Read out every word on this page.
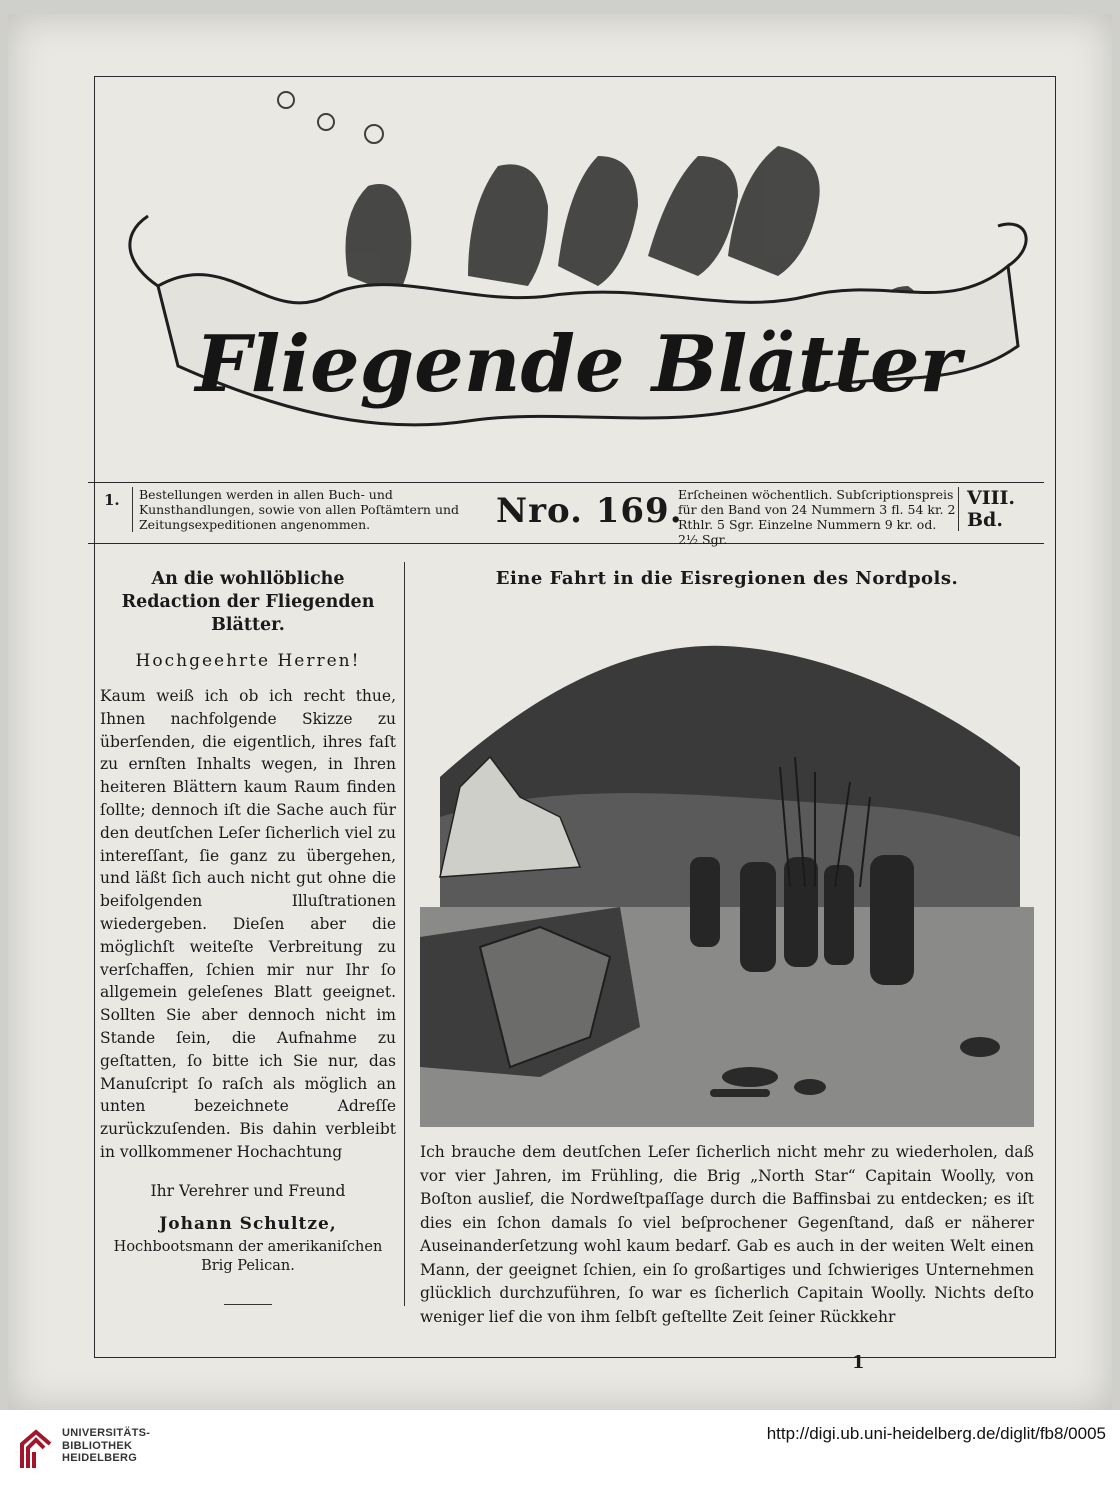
Fliegende Blätter
1.	Bestellungen werden in allen Buch- und Kunsthandlungen, sowie von allen Poſtämtern und Zeitungsexpeditionen angenommen.	Nro. 169.
Erſcheinen wöchentlich. Subſcriptionspreis für den Band von 24 Nummern 3 fl. 54 kr. 2 Rthlr. 5 Sgr. Einzelne Nummern 9 kr. od. 2½ Sgr.
VIII. Bd.
An die wohllöbliche Redaction der Fliegenden Blätter.
Hochgeehrte Herren!

Kaum weiß ich ob ich recht thue, Ihnen nachfolgende Skizze zu überſenden, die eigentlich, ihres faſt zu ernſten Inhalts wegen, in Ihren heiteren Blättern kaum Raum finden ſollte; dennoch iſt die Sache auch für den deutſchen Leſer ſicherlich viel zu intereſſant, ſie ganz zu übergehen, und läßt ſich auch nicht gut ohne die beifolgenden Illuſtrationen wiedergeben. Dieſen aber die möglichſt weiteſte Verbreitung zu verſchaffen, ſchien mir nur Ihr ſo allgemein geleſenes Blatt geeignet. Sollten Sie aber dennoch nicht im Stande ſein, die Aufnahme zu geſtatten, ſo bitte ich Sie nur, das Manuſcript ſo raſch als möglich an unten bezeichnete Adreſſe zurückzuſenden. Bis dahin verbleibt in vollkommener Hochachtung

Ihr Verehrer und Freund
Johann Schultze,

Hochbootsmann der amerikaniſchen Brig Pelican.

Eine Fahrt in die Eisregionen des Nordpols.

Ich brauche dem deutſchen Leſer ſicherlich nicht mehr zu wiederholen, daß vor vier Jahren, im Frühling, die Brig „North Star“ Capitain Woolly, von Boſton auslief, die Nordweſtpaſſage durch die Baffinsbai zu entdecken; es iſt dies ein ſchon damals ſo viel beſprochener Gegenſtand, daß er näherer Auseinanderſetzung wohl kaum bedarf. Gab es auch in der weiten Welt einen Mann, der geeignet ſchien, ein ſo großartiges und ſchwieriges Unternehmen glücklich durchzuführen, ſo war es ſicherlich Capitain Woolly. Nichts deſto weniger lief die von ihm ſelbſt geſtellte Zeit ſeiner Rückkehr

1
UNIVERSITÄTS-
BIBLIOTHEK
HEIDELBERG
http://digi.ub.uni-heidelberg.de/diglit/fb8/0005
